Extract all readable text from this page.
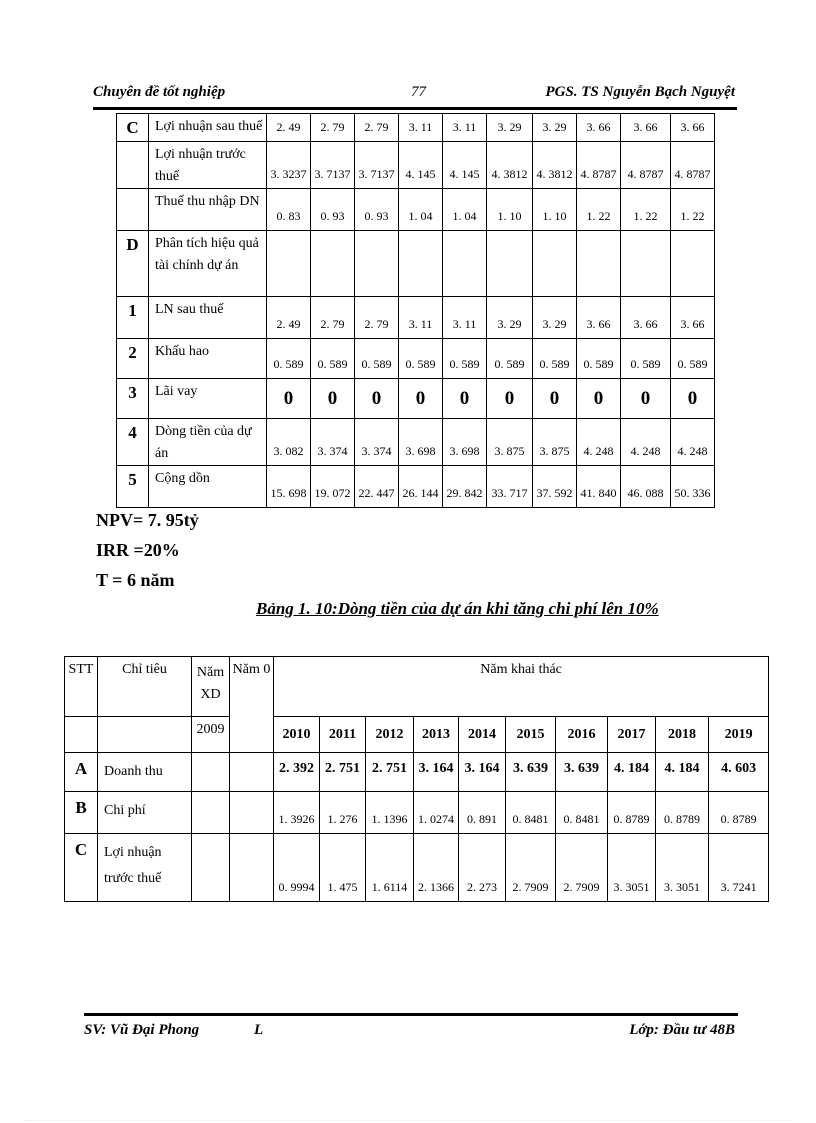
Chuyên đề tốt nghiệp	77	PGS. TS Nguyễn Bạch Nguyệt
C	Lợi nhuận sau thuế	2. 49	2. 79	2. 79	3. 11	3. 11	3. 29	3. 29	3. 66	3. 66	3. 66
	Lợi nhuận trước thuế	3. 3237	3. 7137	3. 7137	4. 145	4. 145	4. 3812	4. 3812	4. 8787	4. 8787	4. 8787
	Thuế thu nhập DN	0. 83	0. 93	0. 93	1. 04	1. 04	1. 10	1. 10	1. 22	1. 22	1. 22
D	Phân tích hiệu quả tài chính dự án										
1	LN sau thuế	2. 49	2. 79	2. 79	3. 11	3. 11	3. 29	3. 29	3. 66	3. 66	3. 66
2	Khấu hao	0. 589	0. 589	0. 589	0. 589	0. 589	0. 589	0. 589	0. 589	0. 589	0. 589
3	Lãi vay	0	0	0	0	0	0	0	0	0	0
4	Dòng tiền của dự án	3. 082	3. 374	3. 374	3. 698	3. 698	3. 875	3. 875	4. 248	4. 248	4. 248
5	Cộng dồn	15. 698	19. 072	22. 447	26. 144	29. 842	33. 717	37. 592	41. 840	46. 088	50. 336
NPV= 7. 95tỷ
IRR =20%
T = 6 năm
Bảng 1. 10:Dòng tiền của dự án khi tăng chi phí lên 10%
STT	Chỉ tiêu	Năm XD	Năm 0	Năm khai thác									
		2009		2010	2011	2012	2013	2014	2015	2016	2017	2018	2019
A	Doanh thu			2. 392	2. 751	2. 751	3. 164	3. 164	3. 639	3. 639	4. 184	4. 184	4. 603
B	Chi phí			1. 3926	1. 276	1. 1396	1. 0274	0. 891	0. 8481	0. 8481	0. 8789	0. 8789	0. 8789
C	Lợi nhuận trước thuế			0. 9994	1. 475	1. 6114	2. 1366	2. 273	2. 7909	2. 7909	3. 3051	3. 3051	3. 7241
SV: Vũ Đại Phong	L	Lớp: Đầu tư 48B
